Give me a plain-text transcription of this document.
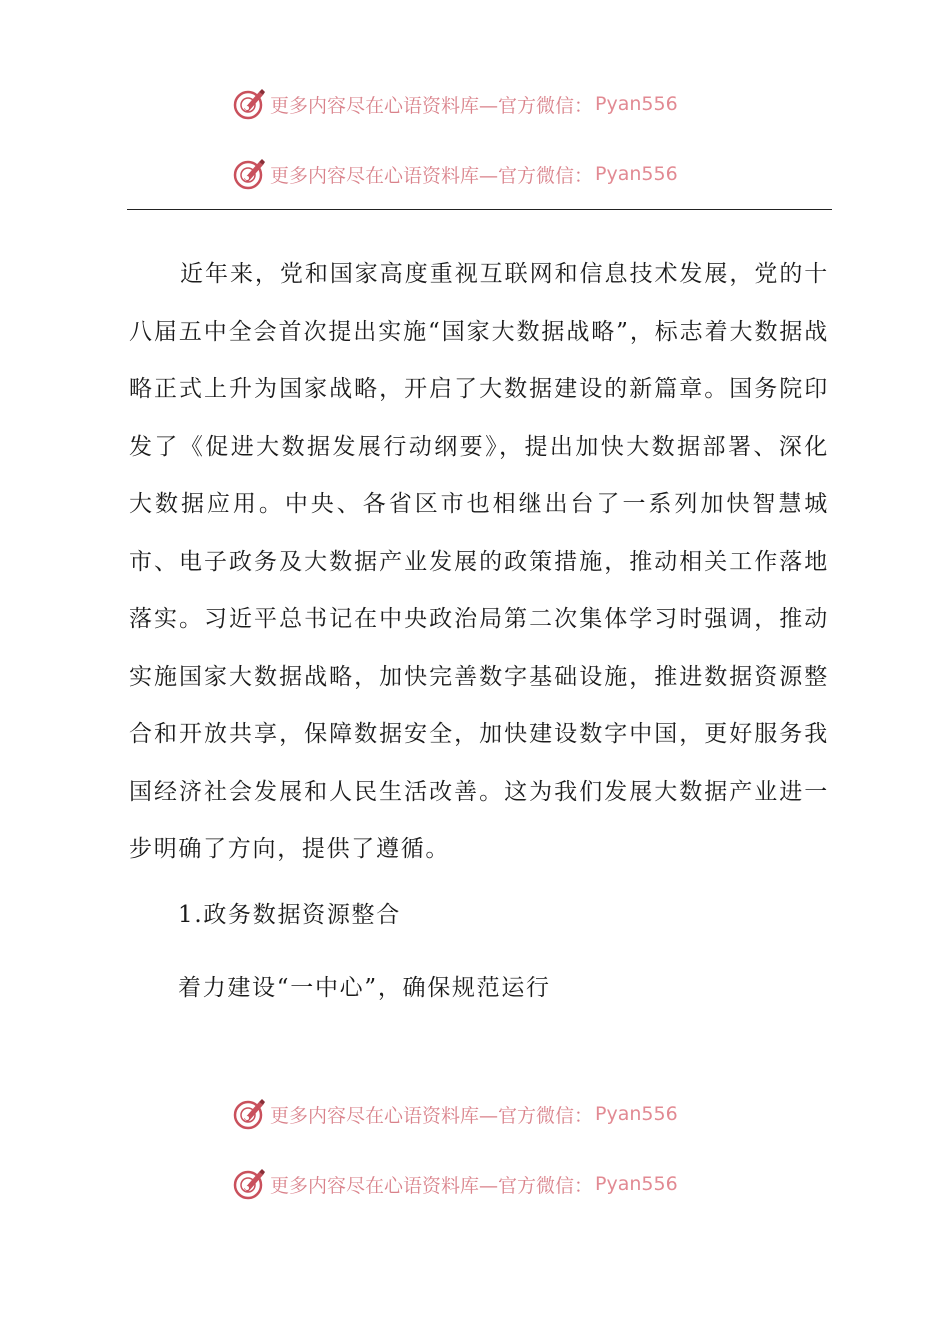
更多内容尽在心语资料库—官方微信： Pyan556
更多内容尽在心语资料库—官方微信： Pyan556

近年来，党和国家高度重视互联网和信息技术发展，党的十八届五中全会首次提出实施“国家大数据战略”，标志着大数据战略正式上升为国家战略，开启了大数据建设的新篇章。国务院印发了《促进大数据发展行动纲要》，提出加快大数据部署、深化大数据应用。中央、各省区市也相继出台了一系列加快智慧城市、电子政务及大数据产业发展的政策措施，推动相关工作落地落实。习近平总书记在中央政治局第二次集体学习时强调，推动实施国家大数据战略，加快完善数字基础设施，推进数据资源整合和开放共享，保障数据安全，加快建设数字中国，更好服务我国经济社会发展和人民生活改善。这为我们发展大数据产业进一步明确了方向，提供了遵循。

1.政务数据资源整合
着力建设“一中心”，确保规范运行
更多内容尽在心语资料库—官方微信： Pyan556
更多内容尽在心语资料库—官方微信： Pyan556
